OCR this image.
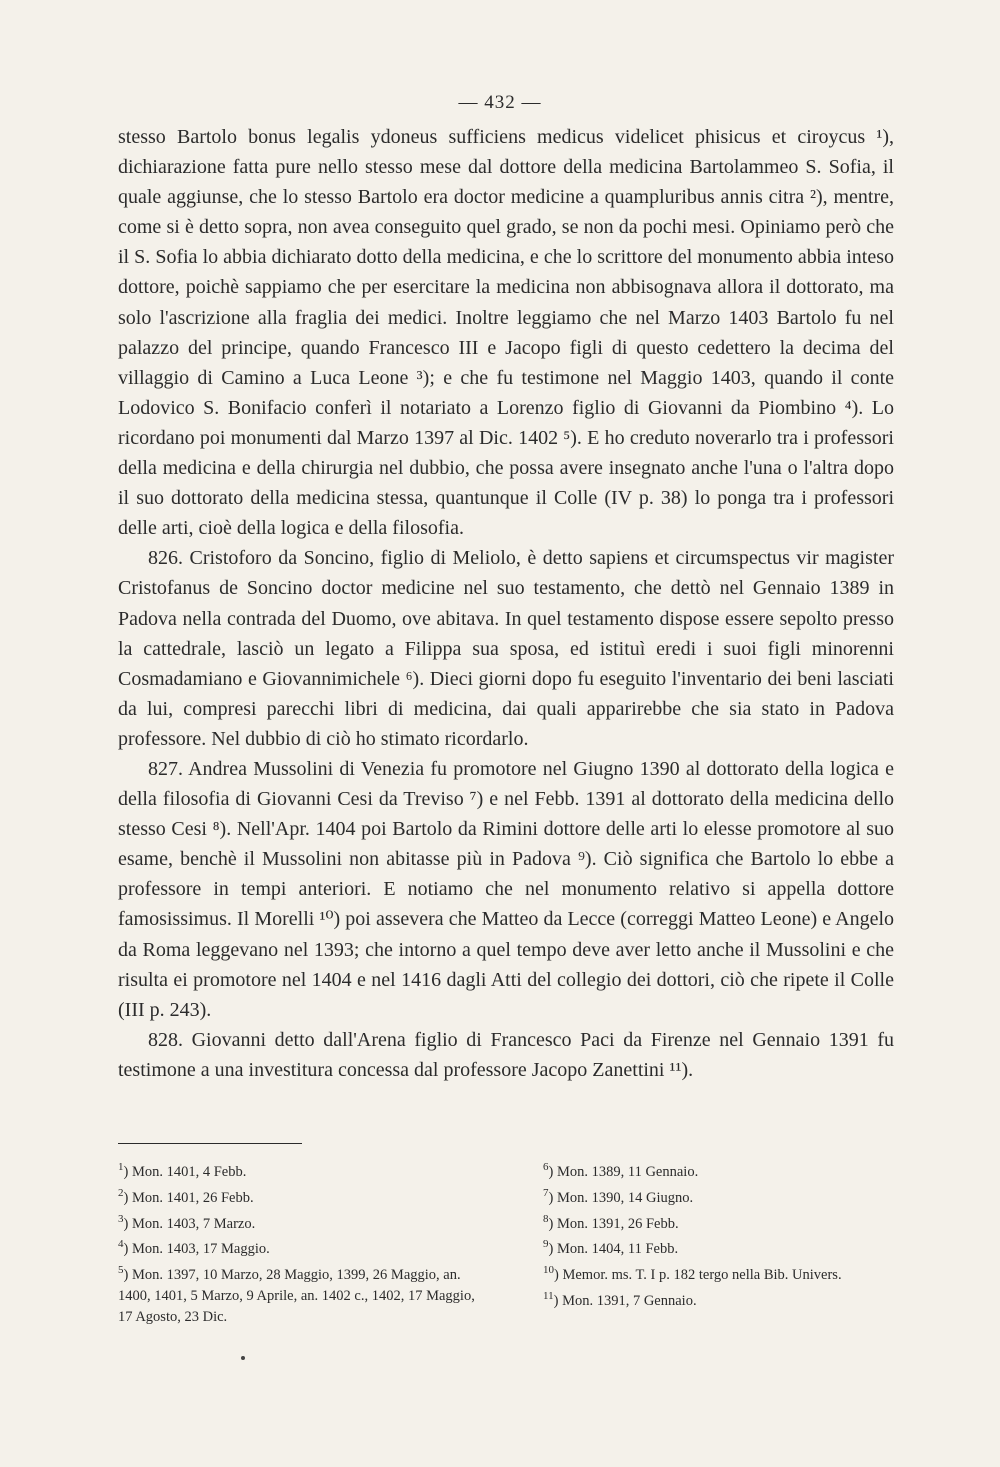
— 432 —

stesso Bartolo bonus legalis ydoneus sufficiens medicus videlicet phisicus et ciroycus ¹), dichiarazione fatta pure nello stesso mese dal dottore della medicina Bartolammeo S. Sofia, il quale aggiunse, che lo stesso Bartolo era doctor medicine a quampluribus annis citra ²), mentre, come si è detto sopra, non avea conseguito quel grado, se non da pochi mesi. Opiniamo però che il S. Sofia lo abbia dichiarato dotto della medicina, e che lo scrittore del monumento abbia inteso dottore, poichè sappiamo che per esercitare la medicina non abbisognava allora il dottorato, ma solo l'ascrizione alla fraglia dei medici. Inoltre leggiamo che nel Marzo 1403 Bartolo fu nel palazzo del principe, quando Francesco III e Jacopo figli di questo cedettero la decima del villaggio di Camino a Luca Leone ³); e che fu testimone nel Maggio 1403, quando il conte Lodovico S. Bonifacio conferì il notariato a Lorenzo figlio di Giovanni da Piombino ⁴). Lo ricordano poi monumenti dal Marzo 1397 al Dic. 1402 ⁵). E ho creduto noverarlo tra i professori della medicina e della chirurgia nel dubbio, che possa avere insegnato anche l'una o l'altra dopo il suo dottorato della medicina stessa, quantunque il Colle (IV p. 38) lo ponga tra i professori delle arti, cioè della logica e della filosofia.

826. Cristoforo da Soncino, figlio di Meliolo, è detto sapiens et circumspectus vir magister Cristofanus de Soncino doctor medicine nel suo testamento, che dettò nel Gennaio 1389 in Padova nella contrada del Duomo, ove abitava. In quel testamento dispose essere sepolto presso la cattedrale, lasciò un legato a Filippa sua sposa, ed istituì eredi i suoi figli minorenni Cosmadamiano e Giovannimichele ⁶). Dieci giorni dopo fu eseguito l'inventario dei beni lasciati da lui, compresi parecchi libri di medicina, dai quali apparirebbe che sia stato in Padova professore. Nel dubbio di ciò ho stimato ricordarlo.

827. Andrea Mussolini di Venezia fu promotore nel Giugno 1390 al dottorato della logica e della filosofia di Giovanni Cesi da Treviso ⁷) e nel Febb. 1391 al dottorato della medicina dello stesso Cesi ⁸). Nell'Apr. 1404 poi Bartolo da Rimini dottore delle arti lo elesse promotore al suo esame, benchè il Mussolini non abitasse più in Padova ⁹). Ciò significa che Bartolo lo ebbe a professore in tempi anteriori. E notiamo che nel monumento relativo si appella dottore famosissimus. Il Morelli ¹⁰) poi assevera che Matteo da Lecce (correggi Matteo Leone) e Angelo da Roma leggevano nel 1393; che intorno a quel tempo deve aver letto anche il Mussolini e che risulta ei promotore nel 1404 e nel 1416 dagli Atti del collegio dei dottori, ciò che ripete il Colle (III p. 243).

828. Giovanni detto dall'Arena figlio di Francesco Paci da Firenze nel Gennaio 1391 fu testimone a una investitura concessa dal professore Jacopo Zanettini ¹¹).

$^1$) Mon. 1401, 4 Febb.

$^2$) Mon. 1401, 26 Febb.

$^3$) Mon. 1403, 7 Marzo.

$^4$) Mon. 1403, 17 Maggio.

$^5$) Mon. 1397, 10 Marzo, 28 Maggio, 1399, 26 Maggio, an. 1400, 1401, 5 Marzo, 9 Aprile, an. 1402 c., 1402, 17 Maggio, 17 Agosto, 23 Dic.

$^6$) Mon. 1389, 11 Gennaio.

$^7$) Mon. 1390, 14 Giugno.

$^8$) Mon. 1391, 26 Febb.

$^9$) Mon. 1404, 11 Febb.

$^{10}$) Memor. ms. T. I p. 182 tergo nella Bib. Univers.

$^{11}$) Mon. 1391, 7 Gennaio.
